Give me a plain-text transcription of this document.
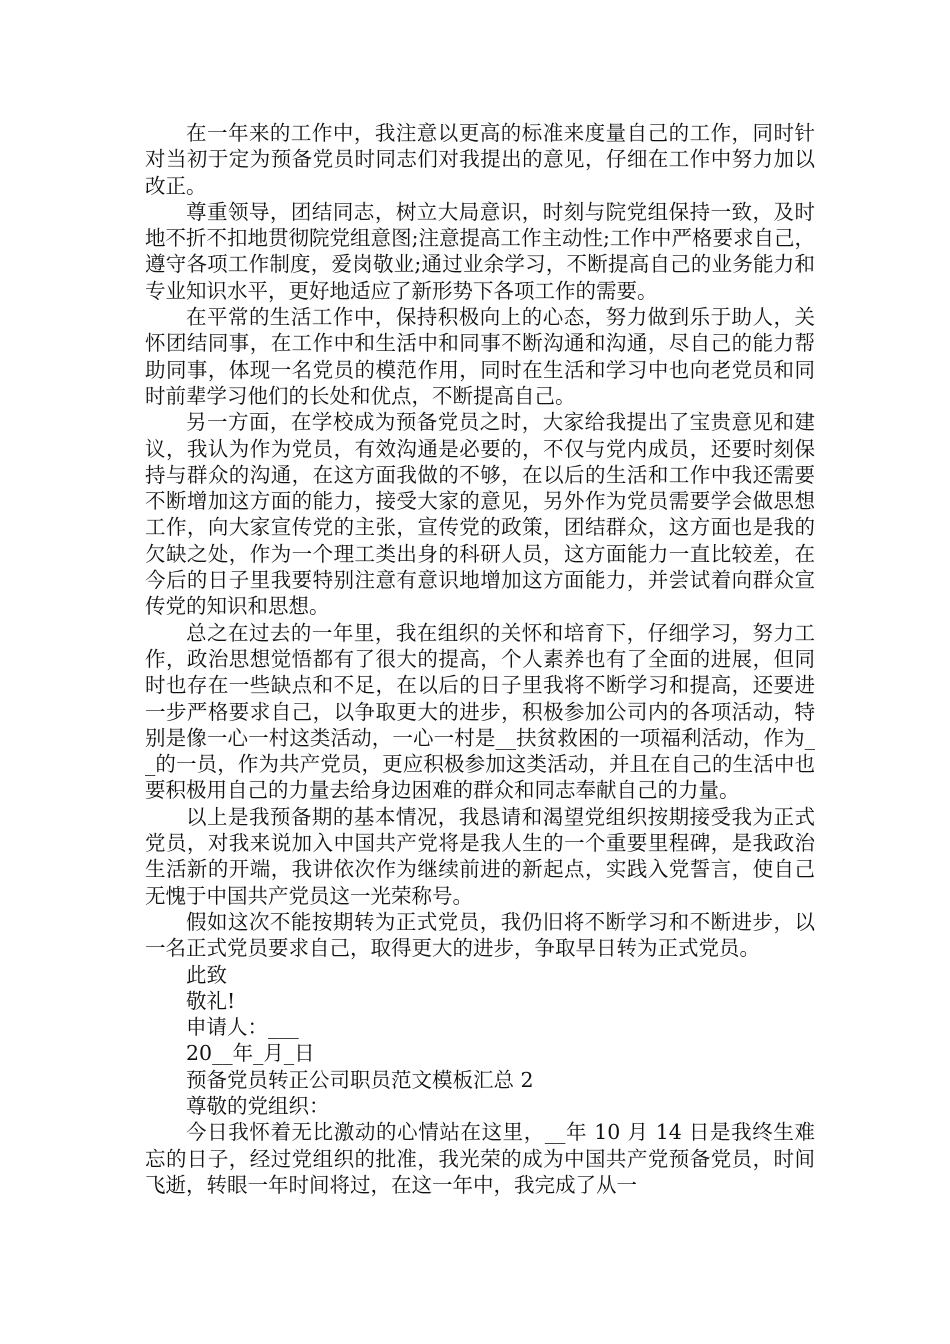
在一年来的工作中，我注意以更高的标准来度量自己的工作，同时针对当初于定为预备党员时同志们对我提出的意见，仔细在工作中努力加以改正。

尊重领导，团结同志，树立大局意识，时刻与院党组保持一致，及时地不折不扣地贯彻院党组意图;注意提高工作主动性;工作中严格要求自己，遵守各项工作制度，爱岗敬业;通过业余学习，不断提高自己的业务能力和专业知识水平，更好地适应了新形势下各项工作的需要。

在平常的生活工作中，保持积极向上的心态，努力做到乐于助人，关怀团结同事，在工作中和生活中和同事不断沟通和沟通，尽自己的能力帮助同事，体现一名党员的模范作用，同时在生活和学习中也向老党员和同时前辈学习他们的长处和优点，不断提高自己。

另一方面，在学校成为预备党员之时，大家给我提出了宝贵意见和建议，我认为作为党员，有效沟通是必要的，不仅与党内成员，还要时刻保持与群众的沟通，在这方面我做的不够，在以后的生活和工作中我还需要不断增加这方面的能力，接受大家的意见，另外作为党员需要学会做思想工作，向大家宣传党的主张，宣传党的政策，团结群众，这方面也是我的欠缺之处，作为一个理工类出身的科研人员，这方面能力一直比较差，在今后的日子里我要特别注意有意识地增加这方面能力，并尝试着向群众宣传党的知识和思想。

总之在过去的一年里，我在组织的关怀和培育下，仔细学习，努力工作，政治思想觉悟都有了很大的提高，个人素养也有了全面的进展，但同时也存在一些缺点和不足，在以后的日子里我将不断学习和提高，还要进一步严格要求自己，以争取更大的进步，积极参加公司内的各项活动，特别是像一心一村这类活动，一心一村是__扶贫救困的一项福利活动，作为__的一员，作为共产党员，更应积极参加这类活动，并且在自己的生活中也要积极用自己的力量去给身边困难的群众和同志奉献自己的力量。

以上是我预备期的基本情况，我恳请和渴望党组织按期接受我为正式党员，对我来说加入中国共产党将是我人生的一个重要里程碑，是我政治生活新的开端，我讲依次作为继续前进的新起点，实践入党誓言，使自己无愧于中国共产党员这一光荣称号。

假如这次不能按期转为正式党员，我仍旧将不断学习和不断进步，以一名正式党员要求自己，取得更大的进步，争取早日转为正式党员。

此致

敬礼!

申请人：___

20__年_月_日

预备党员转正公司职员范文模板汇总 2

尊敬的党组织：

今日我怀着无比激动的心情站在这里，__年 10 月 14 日是我终生难忘的日子，经过党组织的批准，我光荣的成为中国共产党预备党员，时间飞逝，转眼一年时间将过，在这一年中，我完成了从一
